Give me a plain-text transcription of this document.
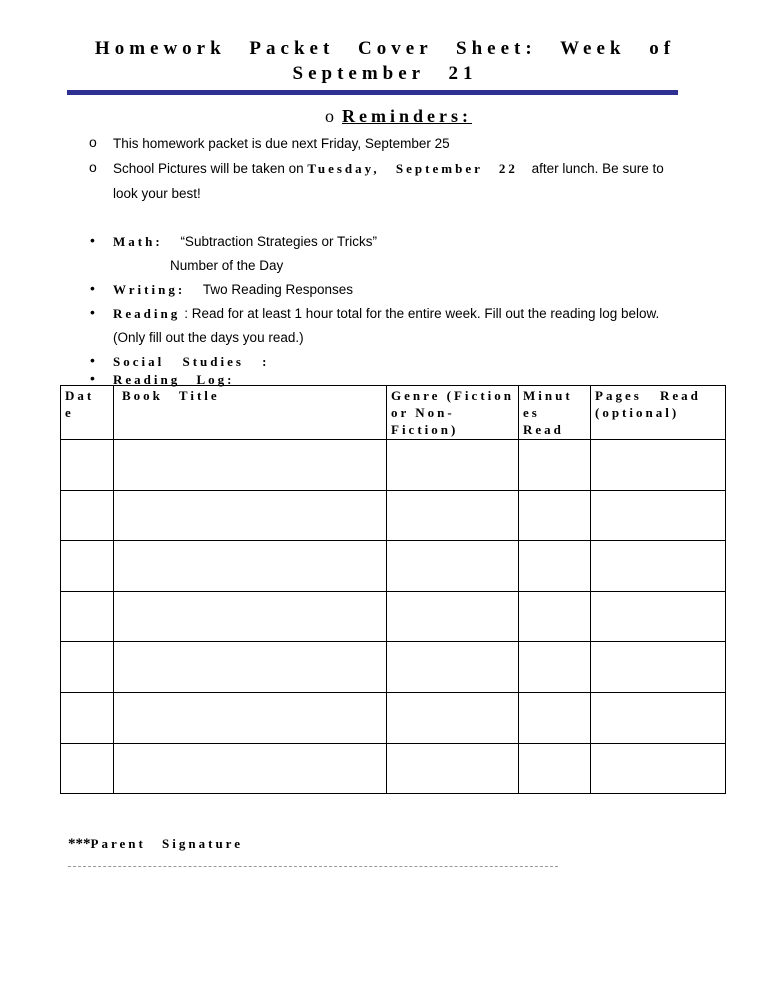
Homework Packet Cover Sheet: Week of
September 21
o Reminders:
o This homework packet is due next Friday, September 25
o School Pictures will be taken on Tuesday, September 22 after lunch. Be sure to
look your best!
• Math: “Subtraction Strategies or Tricks”
Number of the Day
• Writing: Two Reading Responses
• Reading : Read for at least 1 hour total for the entire week. Fill out the reading log below.
(Only fill out the days you read.)
• Social Studies :
• Reading Log:
Dat e	Book Title	Genre (Fiction or Non- Fiction)	Minut es Read	Pages Read (optional)

***Parent Signature
